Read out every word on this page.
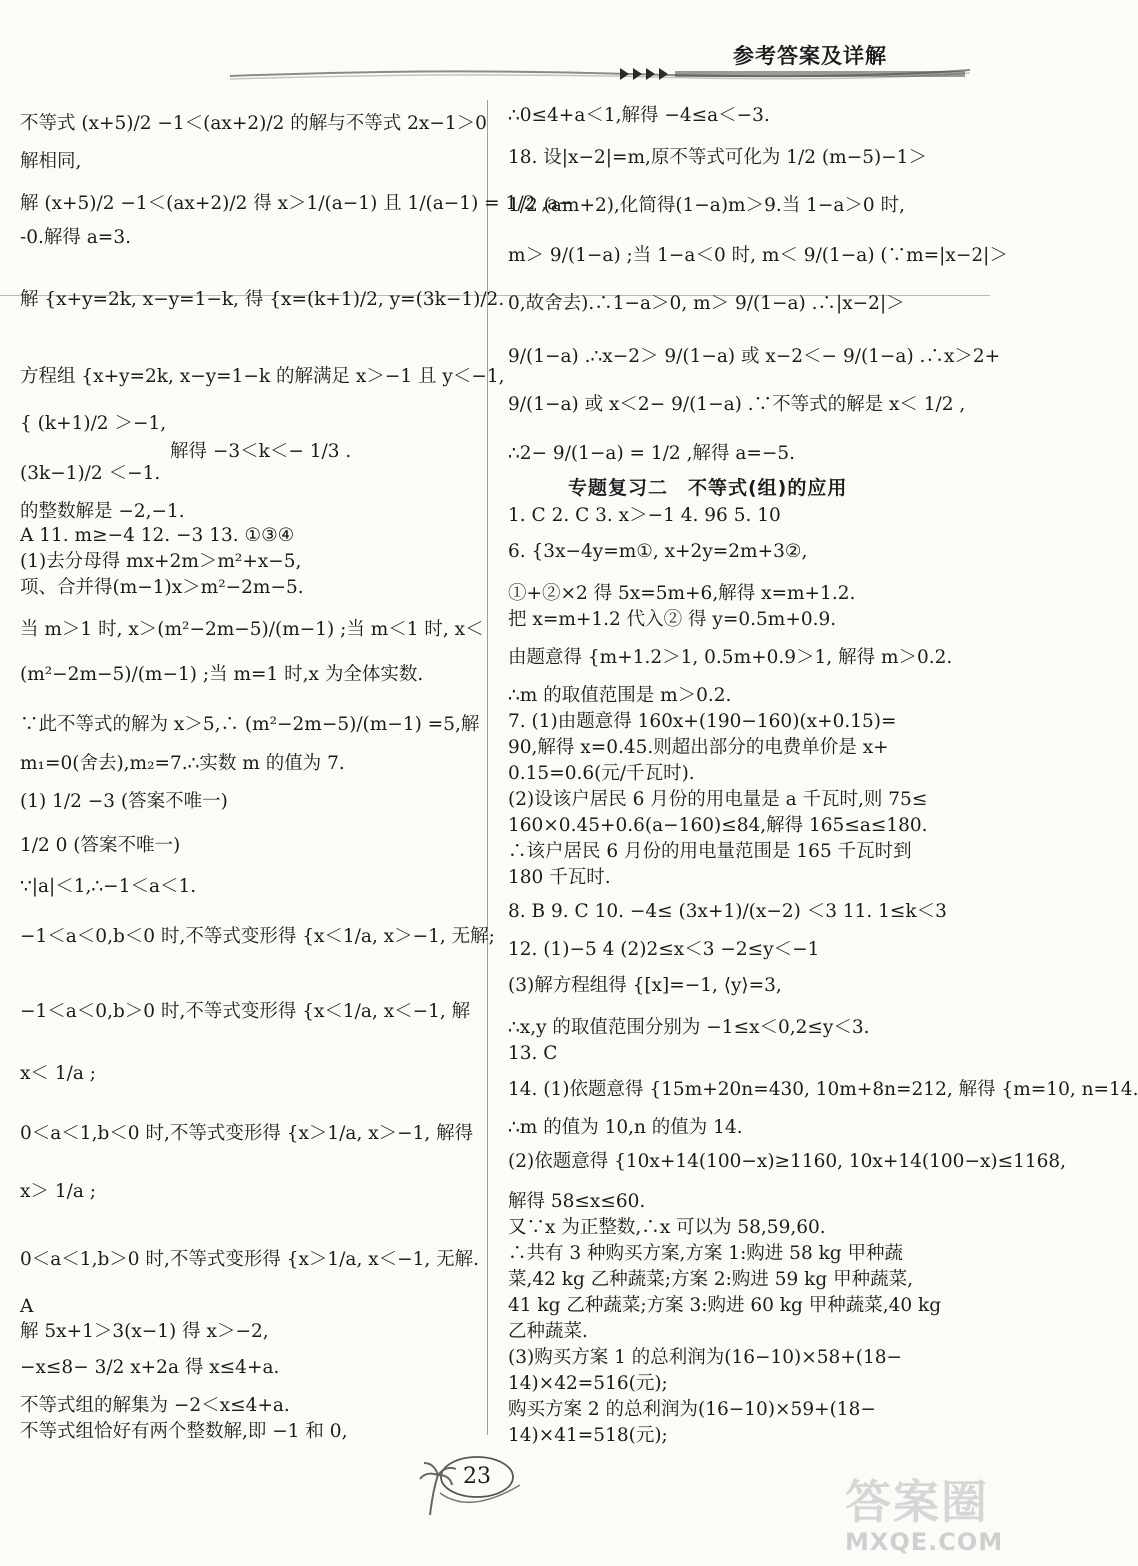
参考答案及详解
不等式 (x+5)/2 −1＜(ax+2)/2 的解与不等式 2x−1＞0
解相同,
解 (x+5)/2 −1＜(ax+2)/2 得 x＞1/(a−1) 且 1/(a−1) = 1/2 ,a−
-0.解得 a=3.
解 {x+y=2k, x−y=1−k, 得 {x=(k+1)/2, y=(3k−1)/2.
方程组 {x+y=2k, x−y=1−k 的解满足 x＞−1 且 y＜−1,
{ (k+1)/2 ＞−1,
解得 −3＜k＜− 1/3 .
(3k−1)/2 ＜−1.
的整数解是 −2,−1.
A 11. m≥−4 12. −3 13. ①③④
(1)去分母得 mx+2m＞m²+x−5,
项、合并得(m−1)x＞m²−2m−5.
当 m＞1 时, x＞(m²−2m−5)/(m−1) ;当 m＜1 时, x＜
(m²−2m−5)/(m−1) ;当 m=1 时,x 为全体实数.
∵此不等式的解为 x＞5,∴ (m²−2m−5)/(m−1) =5,解
m₁=0(舍去),m₂=7.∴实数 m 的值为 7.
(1) 1/2 −3 (答案不唯一)
1/2 0 (答案不唯一)
∵|a|＜1,∴−1＜a＜1.
−1＜a＜0,b＜0 时,不等式变形得 {x＜1/a, x＞−1, 无解;
−1＜a＜0,b＞0 时,不等式变形得 {x＜1/a, x＜−1, 解
x＜ 1/a ;
0＜a＜1,b＜0 时,不等式变形得 {x＞1/a, x＞−1, 解得
x＞ 1/a ;
0＜a＜1,b＞0 时,不等式变形得 {x＞1/a, x＜−1, 无解.
A
解 5x+1＞3(x−1) 得 x＞−2,
−x≤8− 3/2 x+2a 得 x≤4+a.
不等式组的解集为 −2＜x≤4+a.
不等式组恰好有两个整数解,即 −1 和 0,
∴0≤4+a＜1,解得 −4≤a＜−3.
18. 设|x−2|=m,原不等式可化为 1/2 (m−5)−1＞
1/2 (am+2),化简得(1−a)m＞9.当 1−a＞0 时,
m＞ 9/(1−a) ;当 1−a＜0 时, m＜ 9/(1−a) (∵m=|x−2|＞
0,故舍去).∴1−a＞0, m＞ 9/(1−a) .∴|x−2|＞
9/(1−a) .∴x−2＞ 9/(1−a) 或 x−2＜− 9/(1−a) .∴x＞2+
9/(1−a) 或 x＜2− 9/(1−a) .∵不等式的解是 x＜ 1/2 ,
∴2− 9/(1−a) = 1/2 ,解得 a=−5.
专题复习二　不等式(组)的应用
1. C 2. C 3. x＞−1 4. 96 5. 10
6. {3x−4y=m①, x+2y=2m+3②,
①+②×2 得 5x=5m+6,解得 x=m+1.2.
把 x=m+1.2 代入② 得 y=0.5m+0.9.
由题意得 {m+1.2＞1, 0.5m+0.9＞1, 解得 m＞0.2.
∴m 的取值范围是 m＞0.2.
7. (1)由题意得 160x+(190−160)(x+0.15)=
90,解得 x=0.45.则超出部分的电费单价是 x+
0.15=0.6(元/千瓦时).
(2)设该户居民 6 月份的用电量是 a 千瓦时,则 75≤
160×0.45+0.6(a−160)≤84,解得 165≤a≤180.
∴该户居民 6 月份的用电量范围是 165 千瓦时到
180 千瓦时.
8. B 9. C 10. −4≤ (3x+1)/(x−2) ＜3 11. 1≤k＜3
12. (1)−5 4 (2)2≤x＜3 −2≤y＜−1
(3)解方程组得 {[x]=−1, ⟨y⟩=3,
∴x,y 的取值范围分别为 −1≤x＜0,2≤y＜3.
13. C
14. (1)依题意得 {15m+20n=430, 10m+8n=212, 解得 {m=10, n=14.
∴m 的值为 10,n 的值为 14.
(2)依题意得 {10x+14(100−x)≥1160, 10x+14(100−x)≤1168,
解得 58≤x≤60.
又∵x 为正整数,∴x 可以为 58,59,60.
∴共有 3 种购买方案,方案 1:购进 58 kg 甲种蔬
菜,42 kg 乙种蔬菜;方案 2:购进 59 kg 甲种蔬菜,
41 kg 乙种蔬菜;方案 3:购进 60 kg 甲种蔬菜,40 kg
乙种蔬菜.
(3)购买方案 1 的总利润为(16−10)×58+(18−
14)×42=516(元);
购买方案 2 的总利润为(16−10)×59+(18−
14)×41=518(元);
23	答案圈
MXQE.COM
